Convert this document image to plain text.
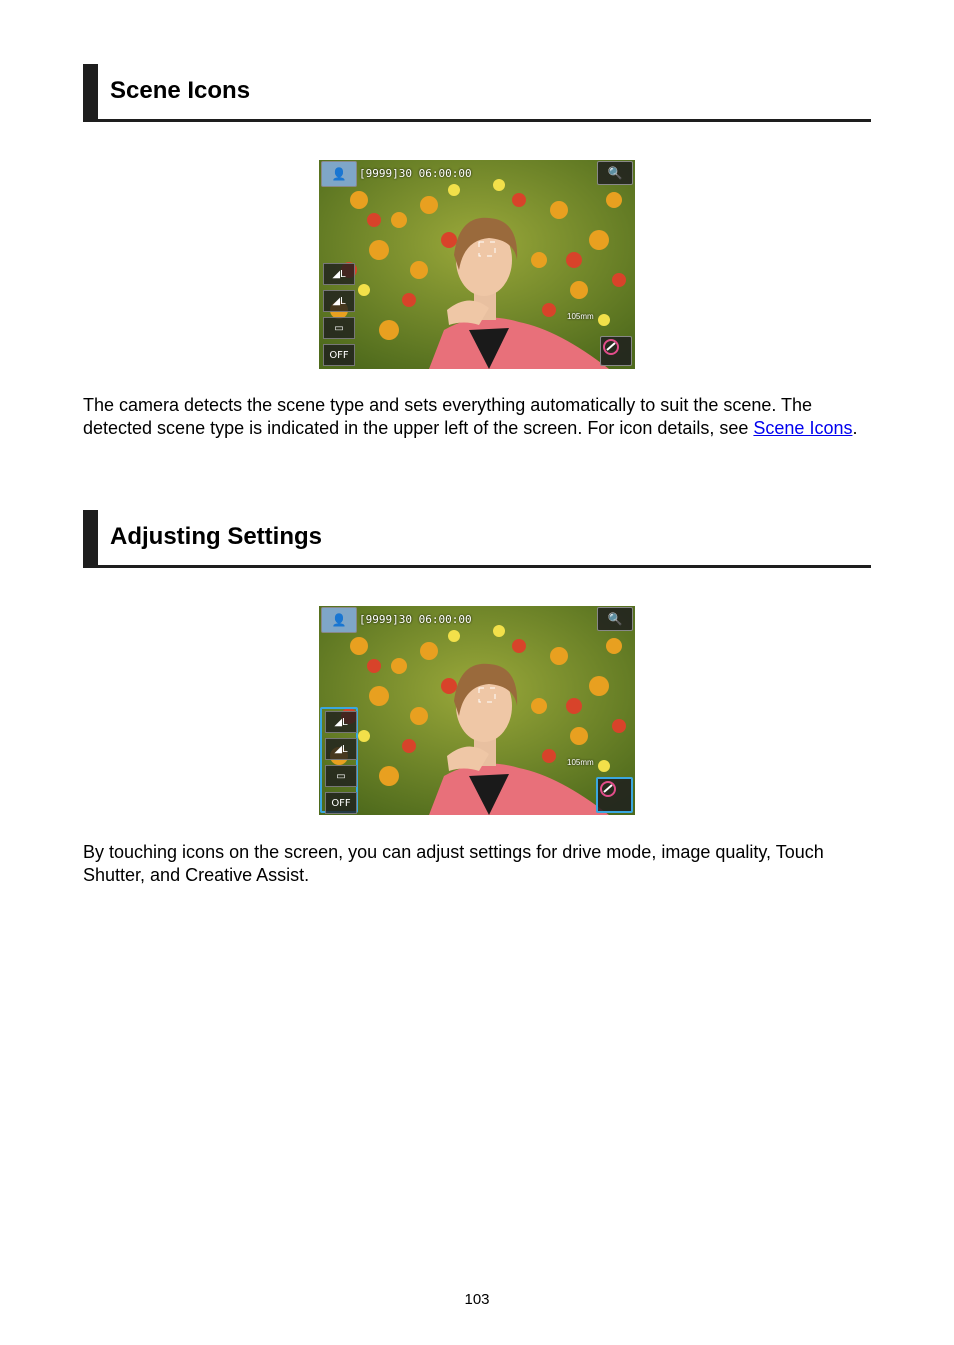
Scene Icons
👤 [9999]30 06:00:00	🔍
◢L
◢L
▭
OFF
105mm
The camera detects the scene type and sets everything automatically to suit the scene. The detected scene type is indicated in the upper left of the screen. For icon details, see Scene Icons.
Adjusting Settings
👤 [9999]30 06:00:00	🔍
◢L
◢L
▭
OFF
105mm
By touching icons on the screen, you can adjust settings for drive mode, image quality, Touch Shutter, and Creative Assist.
103
